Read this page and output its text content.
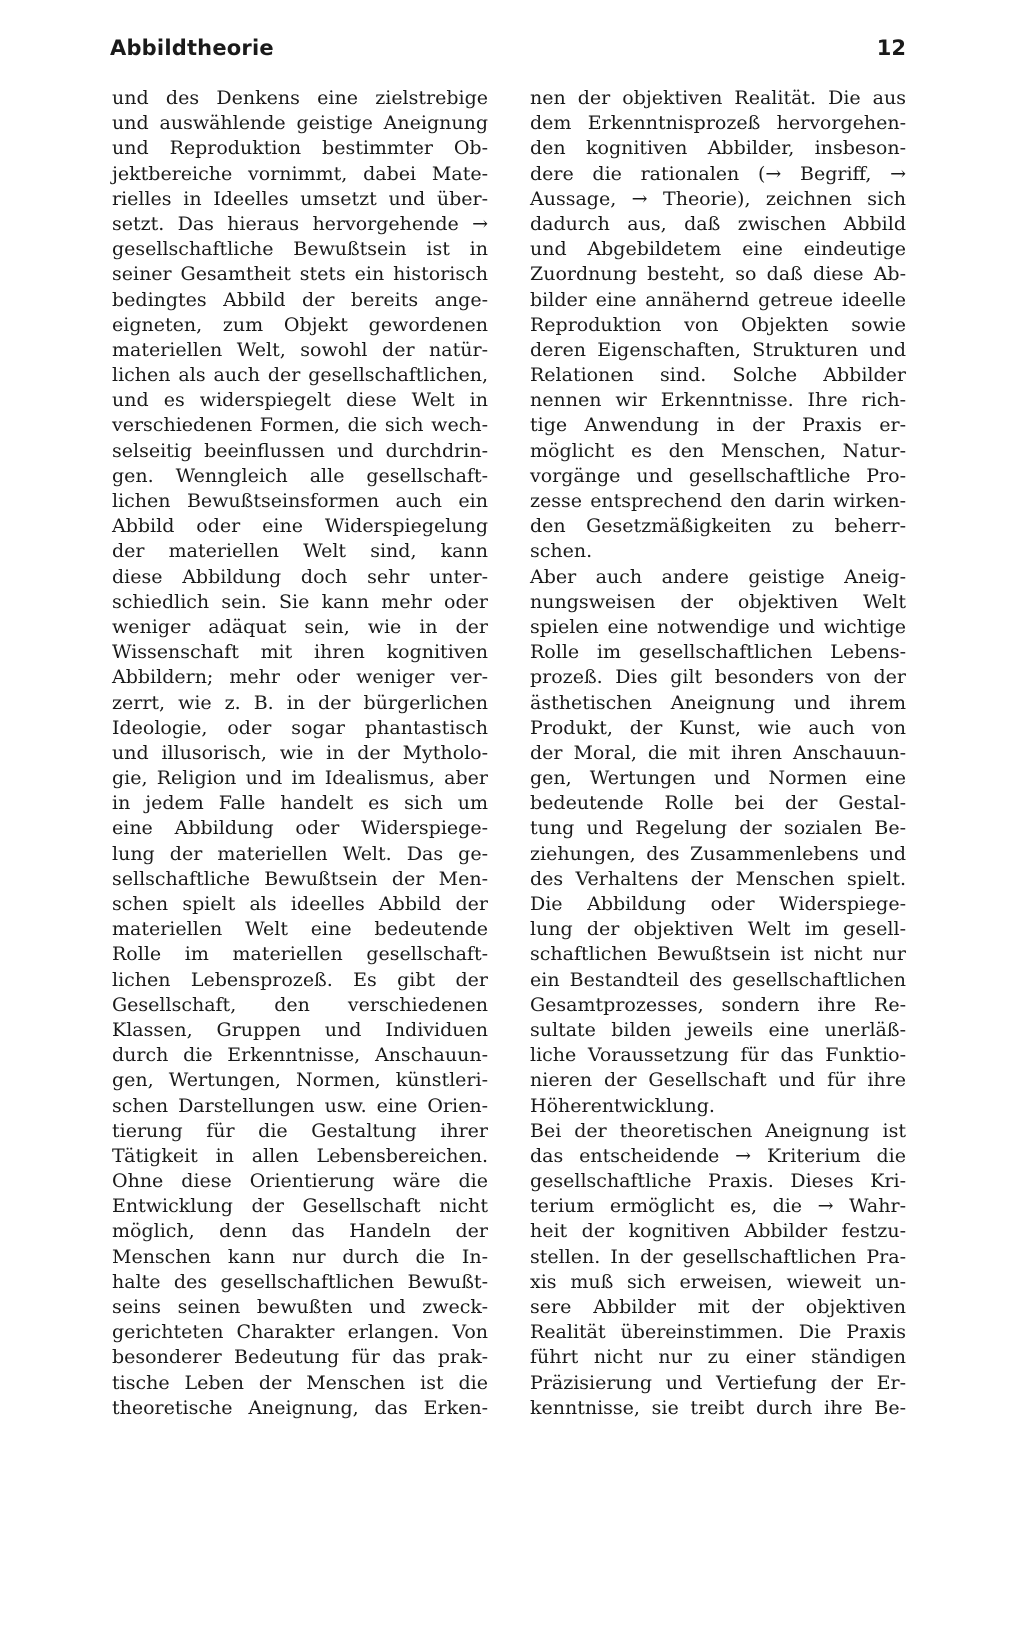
Abbildtheorie	12
und des Denkens eine zielstrebige
und auswählende geistige Aneignung
und Reproduktion bestimmter Ob-
jektbereiche vornimmt, dabei Mate-
rielles in Ideelles umsetzt und über-
setzt. Das hieraus hervorgehende →
gesellschaftliche Bewußtsein ist in
seiner Gesamtheit stets ein historisch
bedingtes Abbild der bereits ange-
eigneten, zum Objekt gewordenen
materiellen Welt, sowohl der natür-
lichen als auch der gesellschaftlichen,
und es widerspiegelt diese Welt in
verschiedenen Formen, die sich wech-
selseitig beeinflussen und durchdrin-
gen. Wenngleich alle gesellschaft-
lichen Bewußtseinsformen auch ein
Abbild oder eine Widerspiegelung
der materiellen Welt sind, kann
diese Abbildung doch sehr unter-
schiedlich sein. Sie kann mehr oder
weniger adäquat sein, wie in der
Wissenschaft mit ihren kognitiven
Abbildern; mehr oder weniger ver-
zerrt, wie z. B. in der bürgerlichen
Ideologie, oder sogar phantastisch
und illusorisch, wie in der Mytholo-
gie, Religion und im Idealismus, aber
in jedem Falle handelt es sich um
eine Abbildung oder Widerspiege-
lung der materiellen Welt. Das ge-
sellschaftliche Bewußtsein der Men-
schen spielt als ideelles Abbild der
materiellen Welt eine bedeutende
Rolle im materiellen gesellschaft-
lichen Lebensprozeß. Es gibt der
Gesellschaft, den verschiedenen
Klassen, Gruppen und Individuen
durch die Erkenntnisse, Anschauun-
gen, Wertungen, Normen, künstleri-
schen Darstellungen usw. eine Orien-
tierung für die Gestaltung ihrer
Tätigkeit in allen Lebensbereichen.
Ohne diese Orientierung wäre die
Entwicklung der Gesellschaft nicht
möglich, denn das Handeln der
Menschen kann nur durch die In-
halte des gesellschaftlichen Bewußt-
seins seinen bewußten und zweck-
gerichteten Charakter erlangen. Von
besonderer Bedeutung für das prak-
tische Leben der Menschen ist die
theoretische Aneignung, das Erken-
nen der objektiven Realität. Die aus
dem Erkenntnisprozeß hervorgehen-
den kognitiven Abbilder, insbeson-
dere die rationalen (→ Begriff, →
Aussage, → Theorie), zeichnen sich
dadurch aus, daß zwischen Abbild
und Abgebildetem eine eindeutige
Zuordnung besteht, so daß diese Ab-
bilder eine annähernd getreue ideelle
Reproduktion von Objekten sowie
deren Eigenschaften, Strukturen und
Relationen sind. Solche Abbilder
nennen wir Erkenntnisse. Ihre rich-
tige Anwendung in der Praxis er-
möglicht es den Menschen, Natur-
vorgänge und gesellschaftliche Pro-
zesse entsprechend den darin wirken-
den Gesetzmäßigkeiten zu beherr-
schen.
Aber auch andere geistige Aneig-
nungsweisen der objektiven Welt
spielen eine notwendige und wichtige
Rolle im gesellschaftlichen Lebens-
prozeß. Dies gilt besonders von der
ästhetischen Aneignung und ihrem
Produkt, der Kunst, wie auch von
der Moral, die mit ihren Anschauun-
gen, Wertungen und Normen eine
bedeutende Rolle bei der Gestal-
tung und Regelung der sozialen Be-
ziehungen, des Zusammenlebens und
des Verhaltens der Menschen spielt.
Die Abbildung oder Widerspiege-
lung der objektiven Welt im gesell-
schaftlichen Bewußtsein ist nicht nur
ein Bestandteil des gesellschaftlichen
Gesamtprozesses, sondern ihre Re-
sultate bilden jeweils eine unerläß-
liche Voraussetzung für das Funktio-
nieren der Gesellschaft und für ihre
Höherentwicklung.
Bei der theoretischen Aneignung ist
das entscheidende → Kriterium die
gesellschaftliche Praxis. Dieses Kri-
terium ermöglicht es, die → Wahr-
heit der kognitiven Abbilder festzu-
stellen. In der gesellschaftlichen Pra-
xis muß sich erweisen, wieweit un-
sere Abbilder mit der objektiven
Realität übereinstimmen. Die Praxis
führt nicht nur zu einer ständigen
Präzisierung und Vertiefung der Er-
kenntnisse, sie treibt durch ihre Be-
